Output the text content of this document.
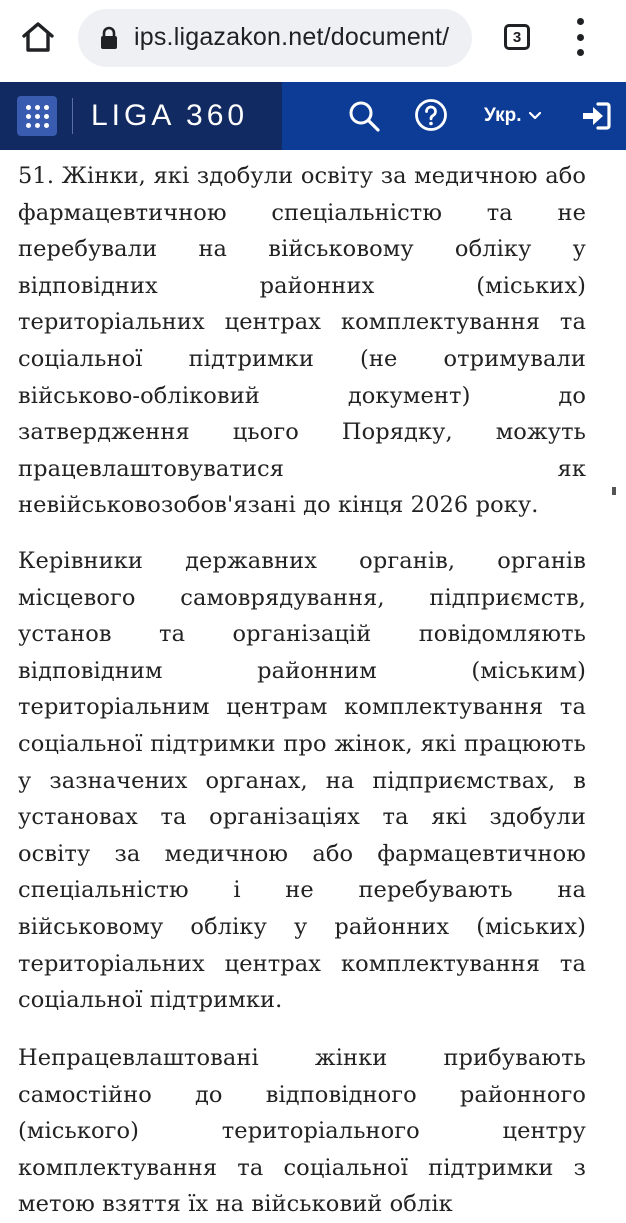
ips.ligazakon.net/document/	3
LIGA 360	Укр.

51. Жінки, які здобули освіту за медичною або фармацевтичною спеціальністю та не перебували на військовому обліку у відповідних районних (міських) територіальних центрах комплектування та соціальної підтримки (не отримували військово-обліковий документ) до затвердження цього Порядку, можуть працевлаштовуватися як невійськовозобов'язані до кінця 2026 року.

Керівники державних органів, органів місцевого самоврядування, підприємств, установ та організацій повідомляють відповідним районним (міським) територіальним центрам комплектування та соціальної підтримки про жінок, які працюють у зазначених органах, на підприємствах, в установах та організаціях та які здобули освіту за медичною або фармацевтичною спеціальністю і не перебувають на військовому обліку у районних (міських) територіальних центрах комплектування та соціальної підтримки.

Непрацевлаштовані жінки прибувають самостійно до відповідного районного (міського) територіального центру комплектування та соціальної підтримки з метою взяття їх на військовий облік
